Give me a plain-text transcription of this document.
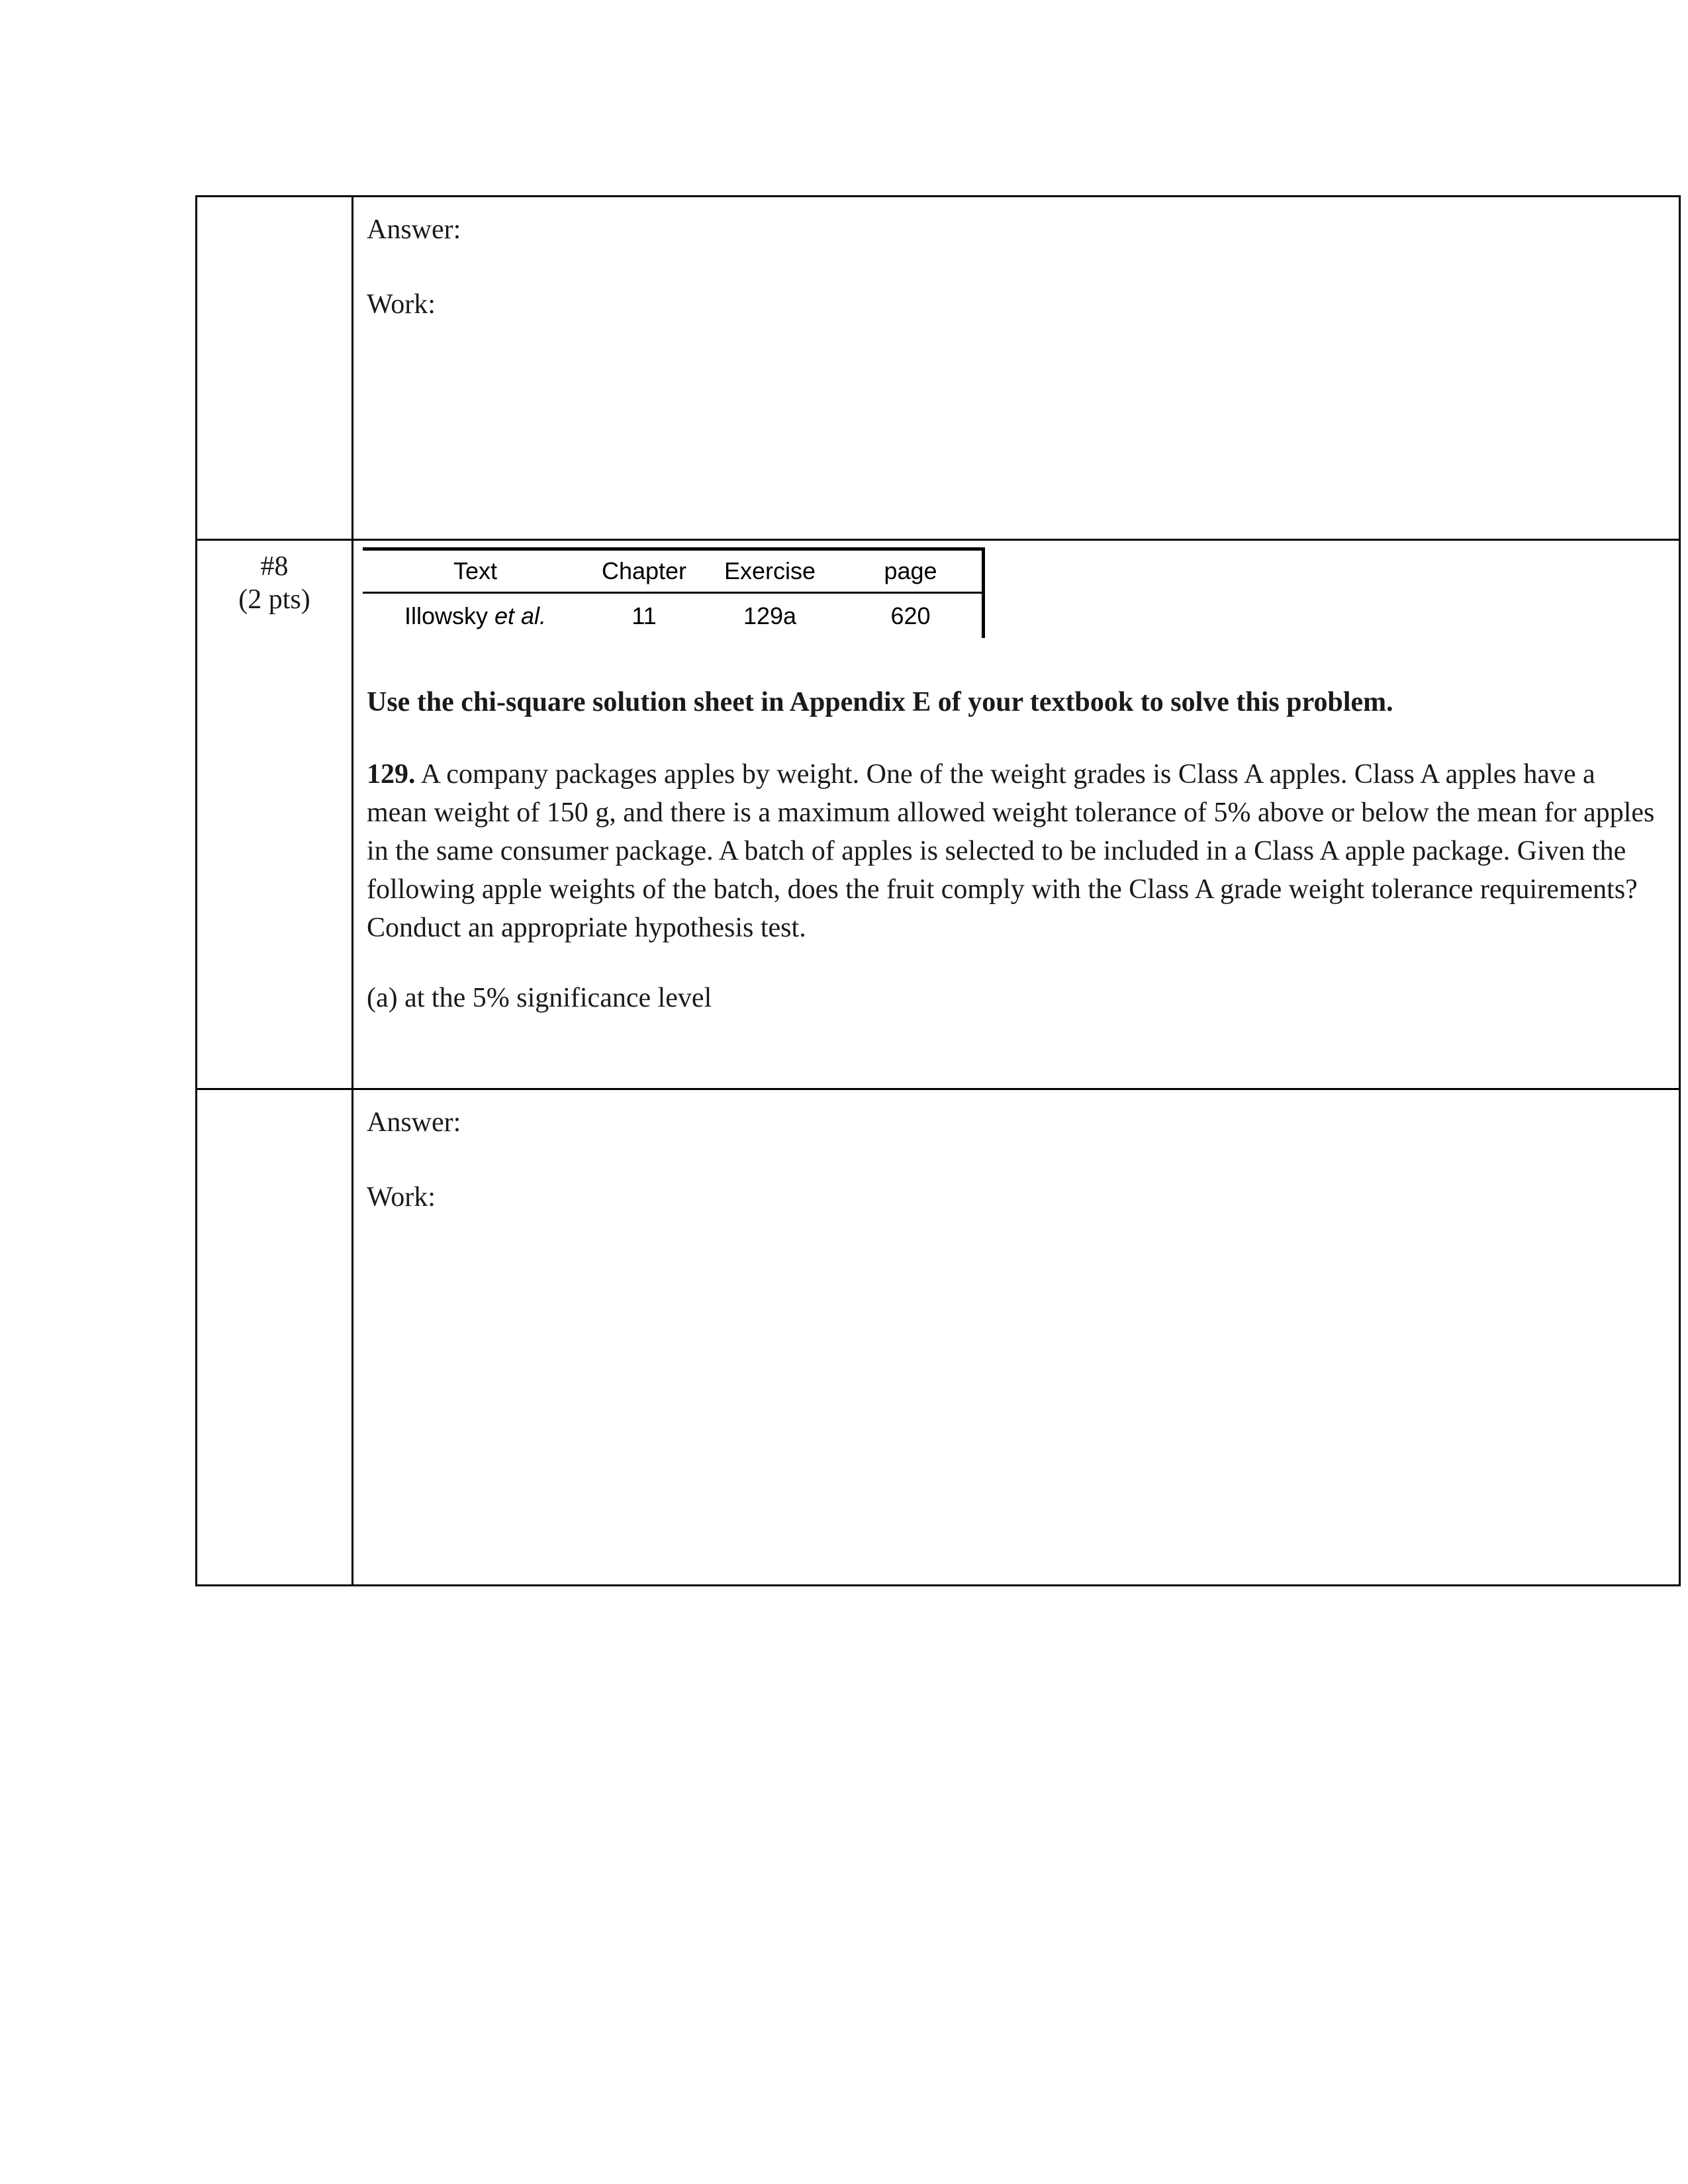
Answer:

Work:

#8
(2 pts)
Text	Chapter	Exercise	page
Illowsky et al.	11	129a	620

Use the chi-square solution sheet in Appendix E of your textbook to solve this problem.

129. A company packages apples by weight. One of the weight grades is Class A apples. Class A apples have a mean weight of 150 g, and there is a maximum allowed weight tolerance of 5% above or below the mean for apples in the same consumer package. A batch of apples is selected to be included in a Class A apple package. Given the following apple weights of the batch, does the fruit comply with the Class A grade weight tolerance requirements? Conduct an appropriate hypothesis test.

(a) at the 5% significance level

Answer:

Work:
